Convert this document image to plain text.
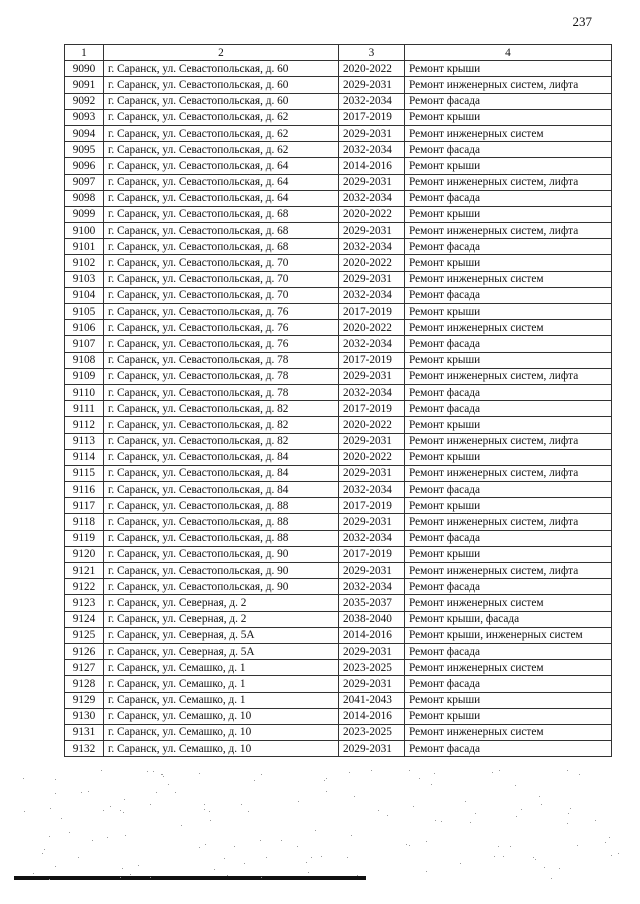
237
1	2	3	4
9090	г. Саранск, ул. Севастопольская, д. 60	2020-2022	Ремонт крыши
9091	г. Саранск, ул. Севастопольская, д. 60	2029-2031	Ремонт инженерных систем, лифта
9092	г. Саранск, ул. Севастопольская, д. 60	2032-2034	Ремонт фасада
9093	г. Саранск, ул. Севастопольская, д. 62	2017-2019	Ремонт крыши
9094	г. Саранск, ул. Севастопольская, д. 62	2029-2031	Ремонт инженерных систем
9095	г. Саранск, ул. Севастопольская, д. 62	2032-2034	Ремонт фасада
9096	г. Саранск, ул. Севастопольская, д. 64	2014-2016	Ремонт крыши
9097	г. Саранск, ул. Севастопольская, д. 64	2029-2031	Ремонт инженерных систем, лифта
9098	г. Саранск, ул. Севастопольская, д. 64	2032-2034	Ремонт фасада
9099	г. Саранск, ул. Севастопольская, д. 68	2020-2022	Ремонт крыши
9100	г. Саранск, ул. Севастопольская, д. 68	2029-2031	Ремонт инженерных систем, лифта
9101	г. Саранск, ул. Севастопольская, д. 68	2032-2034	Ремонт фасада
9102	г. Саранск, ул. Севастопольская, д. 70	2020-2022	Ремонт крыши
9103	г. Саранск, ул. Севастопольская, д. 70	2029-2031	Ремонт инженерных систем
9104	г. Саранск, ул. Севастопольская, д. 70	2032-2034	Ремонт фасада
9105	г. Саранск, ул. Севастопольская, д. 76	2017-2019	Ремонт крыши
9106	г. Саранск, ул. Севастопольская, д. 76	2020-2022	Ремонт инженерных систем
9107	г. Саранск, ул. Севастопольская, д. 76	2032-2034	Ремонт фасада
9108	г. Саранск, ул. Севастопольская, д. 78	2017-2019	Ремонт крыши
9109	г. Саранск, ул. Севастопольская, д. 78	2029-2031	Ремонт инженерных систем, лифта
9110	г. Саранск, ул. Севастопольская, д. 78	2032-2034	Ремонт фасада
9111	г. Саранск, ул. Севастопольская, д. 82	2017-2019	Ремонт фасада
9112	г. Саранск, ул. Севастопольская, д. 82	2020-2022	Ремонт крыши
9113	г. Саранск, ул. Севастопольская, д. 82	2029-2031	Ремонт инженерных систем, лифта
9114	г. Саранск, ул. Севастопольская, д. 84	2020-2022	Ремонт крыши
9115	г. Саранск, ул. Севастопольская, д. 84	2029-2031	Ремонт инженерных систем, лифта
9116	г. Саранск, ул. Севастопольская, д. 84	2032-2034	Ремонт фасада
9117	г. Саранск, ул. Севастопольская, д. 88	2017-2019	Ремонт крыши
9118	г. Саранск, ул. Севастопольская, д. 88	2029-2031	Ремонт инженерных систем, лифта
9119	г. Саранск, ул. Севастопольская, д. 88	2032-2034	Ремонт фасада
9120	г. Саранск, ул. Севастопольская, д. 90	2017-2019	Ремонт крыши
9121	г. Саранск, ул. Севастопольская, д. 90	2029-2031	Ремонт инженерных систем, лифта
9122	г. Саранск, ул. Севастопольская, д. 90	2032-2034	Ремонт фасада
9123	г. Саранск, ул. Северная, д. 2	2035-2037	Ремонт инженерных систем
9124	г. Саранск, ул. Северная, д. 2	2038-2040	Ремонт крыши, фасада
9125	г. Саранск, ул. Северная, д. 5А	2014-2016	Ремонт крыши, инженерных систем
9126	г. Саранск, ул. Северная, д. 5А	2029-2031	Ремонт фасада
9127	г. Саранск, ул. Семашко, д. 1	2023-2025	Ремонт инженерных систем
9128	г. Саранск, ул. Семашко, д. 1	2029-2031	Ремонт фасада
9129	г. Саранск, ул. Семашко, д. 1	2041-2043	Ремонт крыши
9130	г. Саранск, ул. Семашко, д. 10	2014-2016	Ремонт крыши
9131	г. Саранск, ул. Семашко, д. 10	2023-2025	Ремонт инженерных систем
9132	г. Саранск, ул. Семашко, д. 10	2029-2031	Ремонт фасада
